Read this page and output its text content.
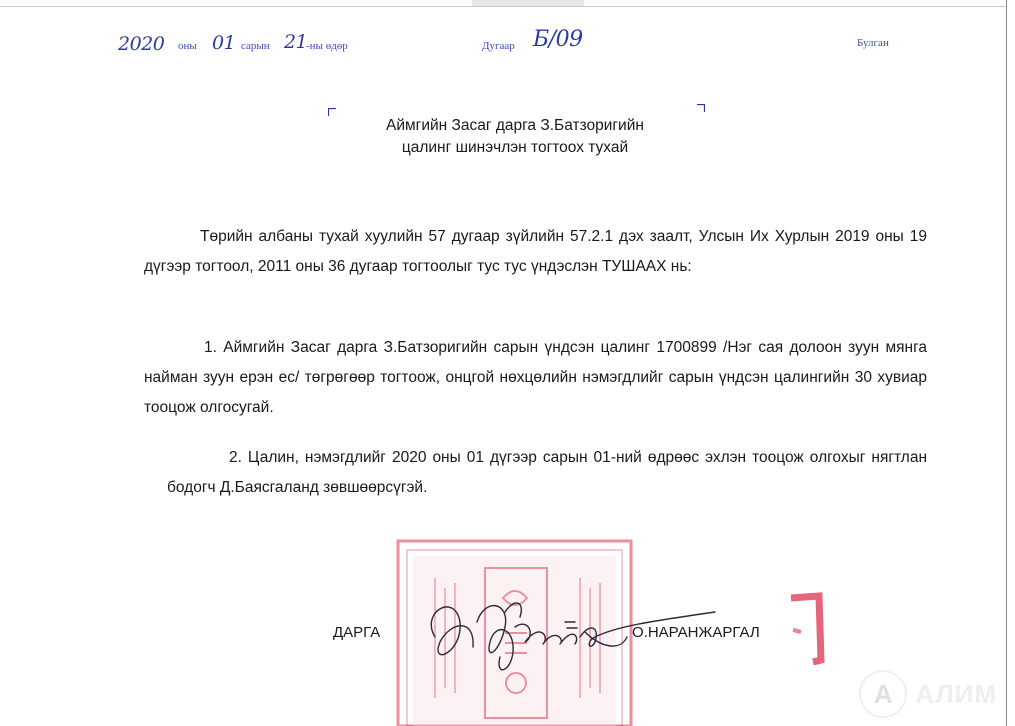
2020 оны 01 сарын 21
-ны өдөр	Дугаар Б/09	Булган
Аймгийн Засаг дарга З.Батзоригийн
цалинг шинэчлэн тогтоох тухай
Төрийн албаны тухай хуулийн 57 дугаар зүйлийн 57.2.1 дэх заалт, Улсын Их Хурлын 2019 оны 19 дүгээр тогтоол, 2011 оны 36 дугаар тогтоолыг тус тус үндэслэн ТУШААХ нь:
1. Аймгийн Засаг дарга З.Батзоригийн сарын үндсэн цалинг 1700899 /Нэг сая долоон зуун мянга найман зуун ерэн ес/ төгрөгөөр тогтоож, онцгой нөхцөлийн нэмэгдлийг сарын үндсэн цалингийн 30 хувиар тооцож олгосугай.
2. Цалин, нэмэгдлийг 2020 оны 01 дүгээр сарын 01-ний өдрөөс эхлэн тооцож олгохыг нягтлан бодогч Д.Баясгаланд зөвшөөрсүгэй.
ДАРГА	О.НАРАНЖАРГАЛ
A АЛИМ
